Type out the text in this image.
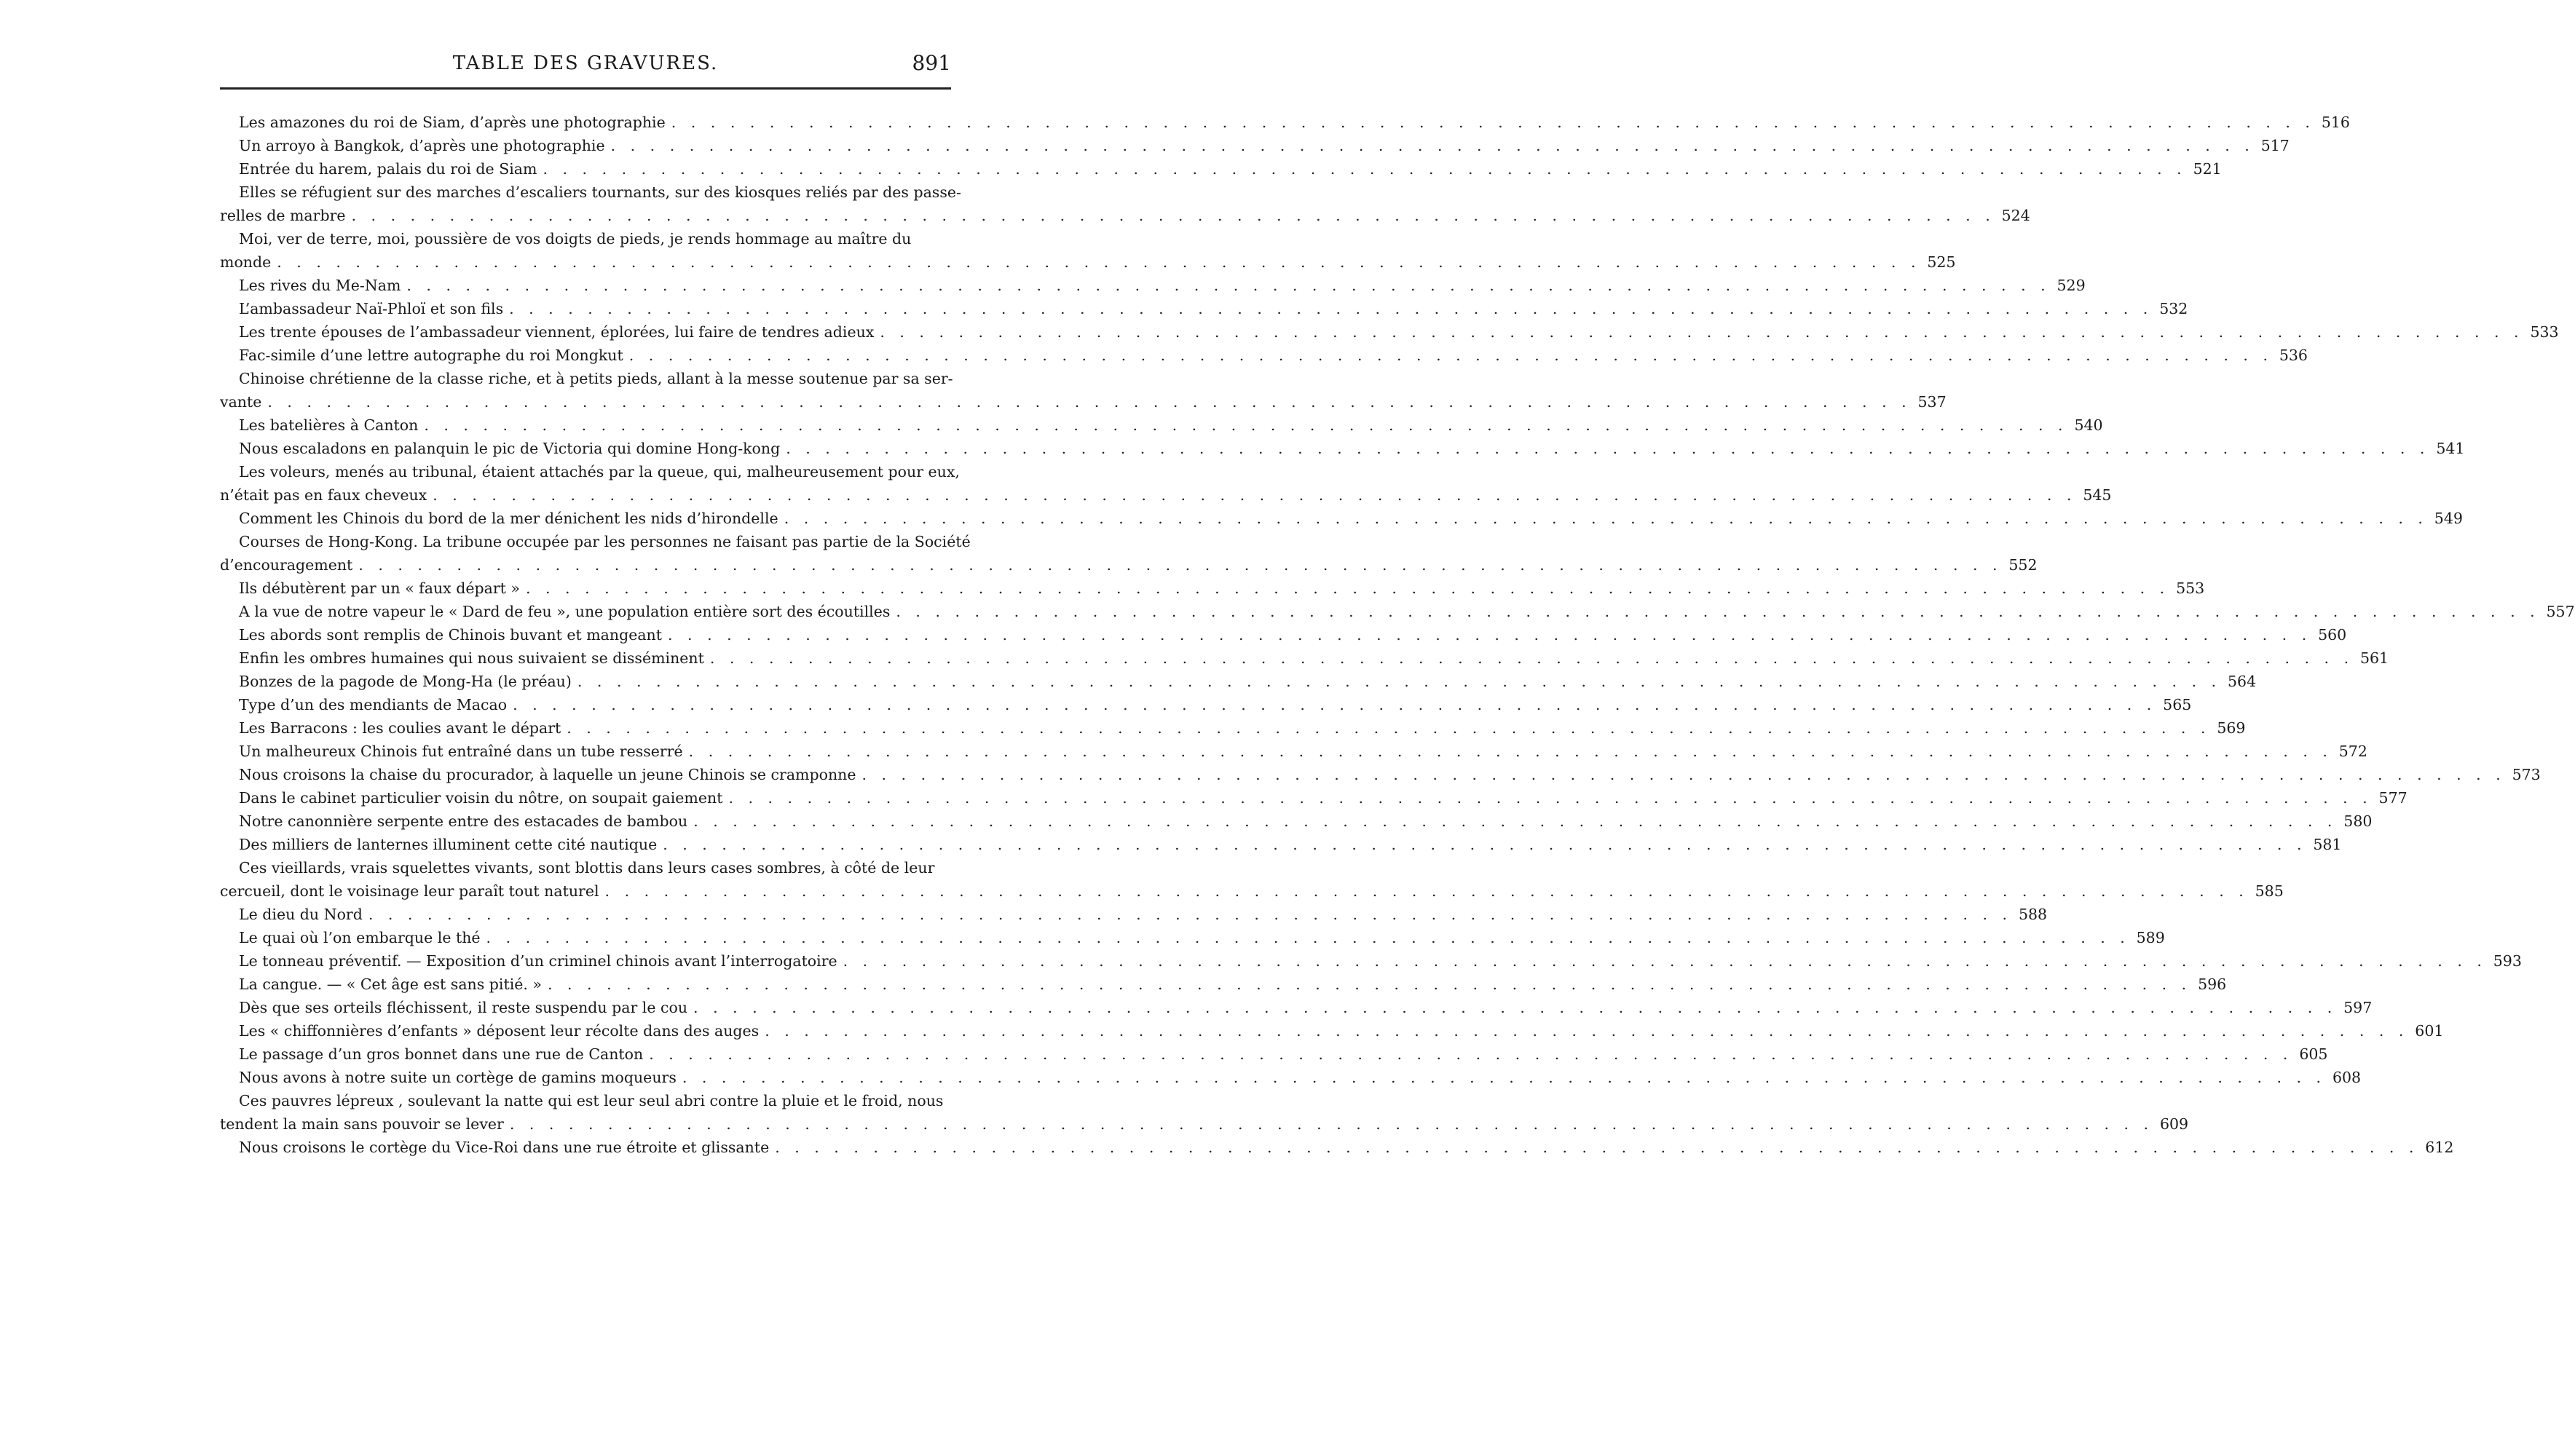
TABLE DES GRAVURES.	891
Les amazones du roi de Siam, d’après une photographie . . .	516
Un arroyo à Bangkok, d’après une photographie . . .	517
Entrée du harem, palais du roi de Siam . . .	521
Elles se réfugient sur des marches d’escaliers tournants, sur des kiosques reliés par des passe-
relles de marbre . . .	524
Moi, ver de terre, moi, poussière de vos doigts de pieds, je rends hommage au maître du
monde . . .	525
Les rives du Me-Nam . . .	529
L’ambassadeur Naï-Phloï et son fils . . .	532
Les trente épouses de l’ambassadeur viennent, éplorées, lui faire de tendres adieux . . .	533
Fac-simile d’une lettre autographe du roi Mongkut . . .	536
Chinoise chrétienne de la classe riche, et à petits pieds, allant à la messe soutenue par sa ser-
vante . . .	537
Les batelières à Canton . . .	540
Nous escaladons en palanquin le pic de Victoria qui domine Hong-kong . . .	541
Les voleurs, menés au tribunal, étaient attachés par la queue, qui, malheureusement pour eux,
n’était pas en faux cheveux . . .	545
Comment les Chinois du bord de la mer dénichent les nids d’hirondelle . . .	549
Courses de Hong-Kong. La tribune occupée par les personnes ne faisant pas partie de la Société
d’encouragement . . .	552
Ils débutèrent par un « faux départ » . . .	553
A la vue de notre vapeur le « Dard de feu », une population entière sort des écoutilles . . .	557
Les abords sont remplis de Chinois buvant et mangeant . . .	560
Enfin les ombres humaines qui nous suivaient se disséminent . . .	561
Bonzes de la pagode de Mong-Ha (le préau) . . .	564
Type d’un des mendiants de Macao . . .	565
Les Barracons : les coulies avant le départ . . .	569
Un malheureux Chinois fut entraîné dans un tube resserré . . .	572
Nous croisons la chaise du procurador, à laquelle un jeune Chinois se cramponne . . .	573
Dans le cabinet particulier voisin du nôtre, on soupait gaiement . . .	577
Notre canonnière serpente entre des estacades de bambou . . .	580
Des milliers de lanternes illuminent cette cité nautique . . .	581
Ces vieillards, vrais squelettes vivants, sont blottis dans leurs cases sombres, à côté de leur
cercueil, dont le voisinage leur paraît tout naturel . . .	585
Le dieu du Nord . . .	588
Le quai où l’on embarque le thé . . .	589
Le tonneau préventif. — Exposition d’un criminel chinois avant l’interrogatoire . . .	593
La cangue. — « Cet âge est sans pitié. » . . .	596
Dès que ses orteils fléchissent, il reste suspendu par le cou . . .	597
Les « chiffonnières d’enfants » déposent leur récolte dans des auges . . .	601
Le passage d’un gros bonnet dans une rue de Canton . . .	605
Nous avons à notre suite un cortège de gamins moqueurs . . .	608
Ces pauvres lépreux , soulevant la natte qui est leur seul abri contre la pluie et le froid, nous
tendent la main sans pouvoir se lever . . .	609
Nous croisons le cortège du Vice-Roi dans une rue étroite et glissante . . .	612
